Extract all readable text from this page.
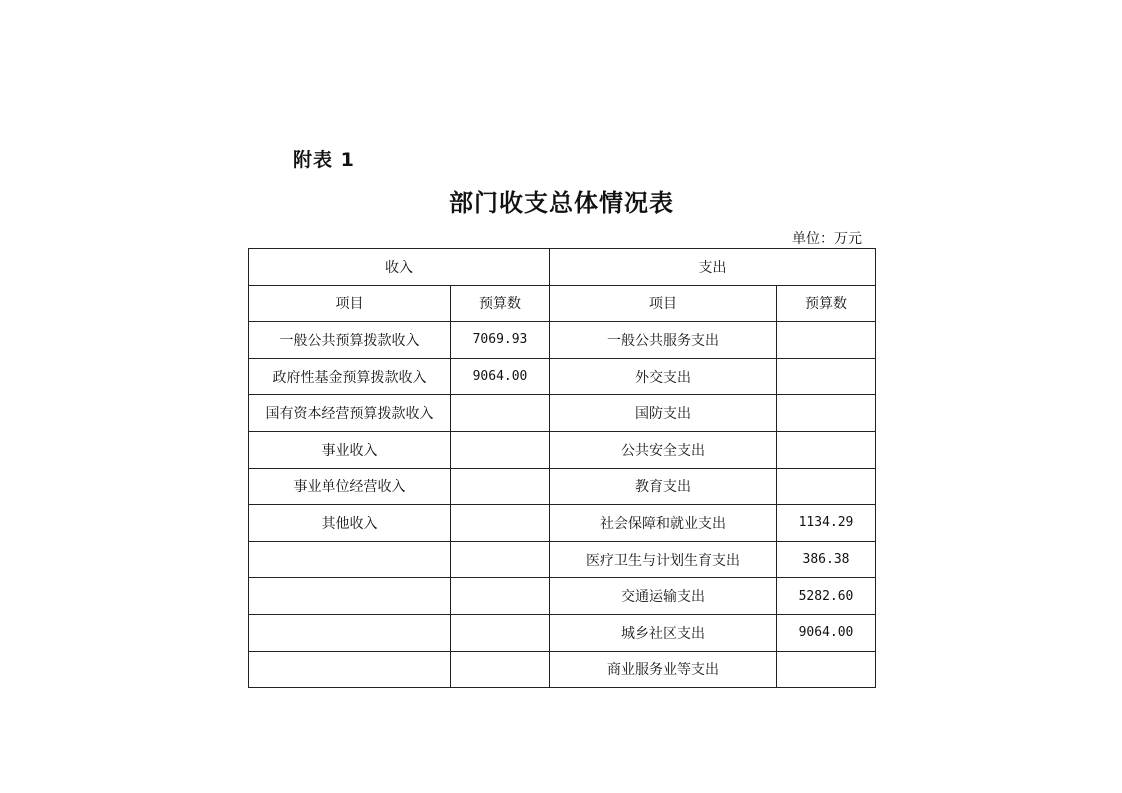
附表 1
部门收支总体情况表
单位：万元
收入		支出	
项目	预算数	项目	预算数
一般公共预算拨款收入	7069.93	一般公共服务支出	
政府性基金预算拨款收入	9064.00	外交支出	
国有资本经营预算拨款收入		国防支出	
事业收入		公共安全支出	
事业单位经营收入		教育支出	
其他收入		社会保障和就业支出	1134.29
		医疗卫生与计划生育支出	386.38
		交通运输支出	5282.60
		城乡社区支出	9064.00
		商业服务业等支出	
